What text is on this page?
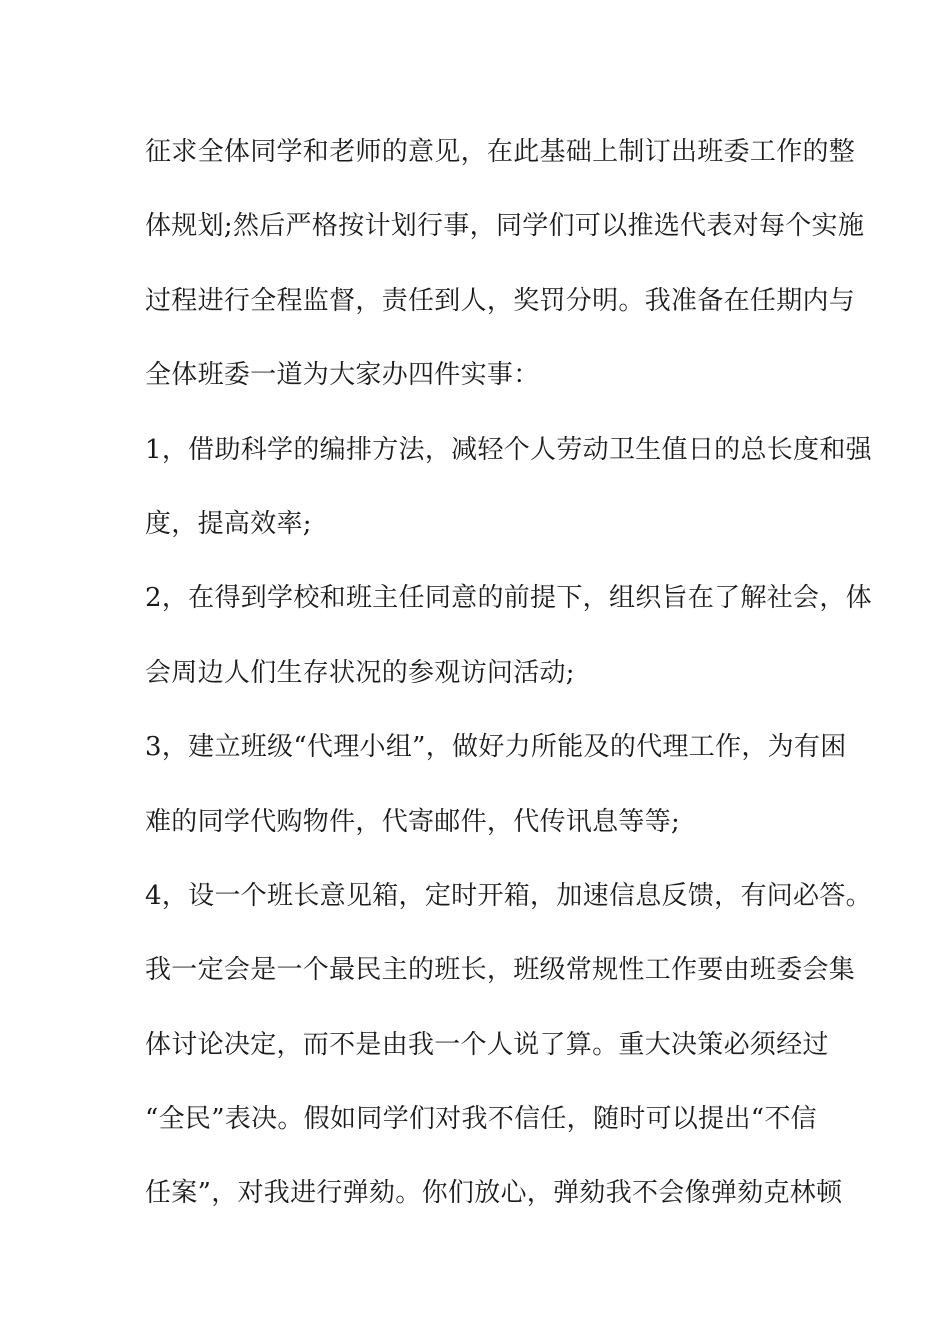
征求全体同学和老师的意见，在此基础上制订出班委工作的整
体规划;然后严格按计划行事，同学们可以推选代表对每个实施
过程进行全程监督，责任到人，奖罚分明。我准备在任期内与
全体班委一道为大家办四件实事：
1，借助科学的编排方法，减轻个人劳动卫生值日的总长度和强
度，提高效率;
2，在得到学校和班主任同意的前提下，组织旨在了解社会，体
会周边人们生存状况的参观访问活动;
3，建立班级“代理小组”，做好力所能及的代理工作，为有困
难的同学代购物件，代寄邮件，代传讯息等等;
4，设一个班长意见箱，定时开箱，加速信息反馈，有问必答。
我一定会是一个最民主的班长，班级常规性工作要由班委会集
体讨论决定，而不是由我一个人说了算。重大决策必须经过
“全民”表决。假如同学们对我不信任，随时可以提出“不信
任案”，对我进行弹劾。你们放心，弹劾我不会像弹劾克林顿
